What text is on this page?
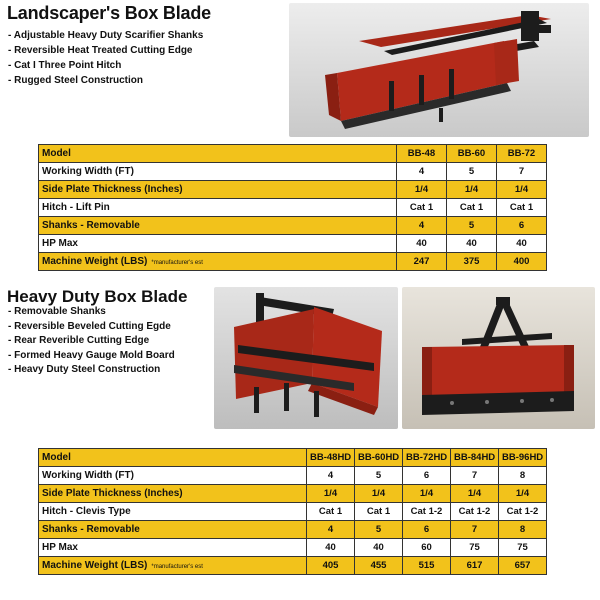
Landscaper's Box Blade
- Adjustable Heavy Duty Scarifier Shanks
- Reversible Heat Treated Cutting Edge
- Cat I Three Point Hitch
- Rugged Steel Construction
Model	BB-48	BB-60	BB-72
Working Width (FT)	4	5	7
Side Plate Thickness (Inches)	1/4	1/4	1/4
Hitch - Lift Pin	Cat 1	Cat 1	Cat 1
Shanks - Removable	4	5	6
HP Max	40	40	40
Machine Weight (LBS) *manufacturer's est	247	375	400
Heavy Duty Box Blade
- Removable Shanks
- Reversible Beveled Cutting Egde
- Rear Reverible Cutting Edge
- Formed Heavy Gauge Mold Board
- Heavy Duty Steel Construction
Model	BB-48HD	BB-60HD	BB-72HD	BB-84HD	BB-96HD
Working Width (FT)	4	5	6	7	8
Side Plate Thickness (Inches)	1/4	1/4	1/4	1/4	1/4
Hitch - Clevis Type	Cat 1	Cat 1	Cat 1-2	Cat 1-2	Cat 1-2
Shanks - Removable	4	5	6	7	8
HP Max	40	40	60	75	75
Machine Weight (LBS) *manufacturer's est	405	455	515	617	657
